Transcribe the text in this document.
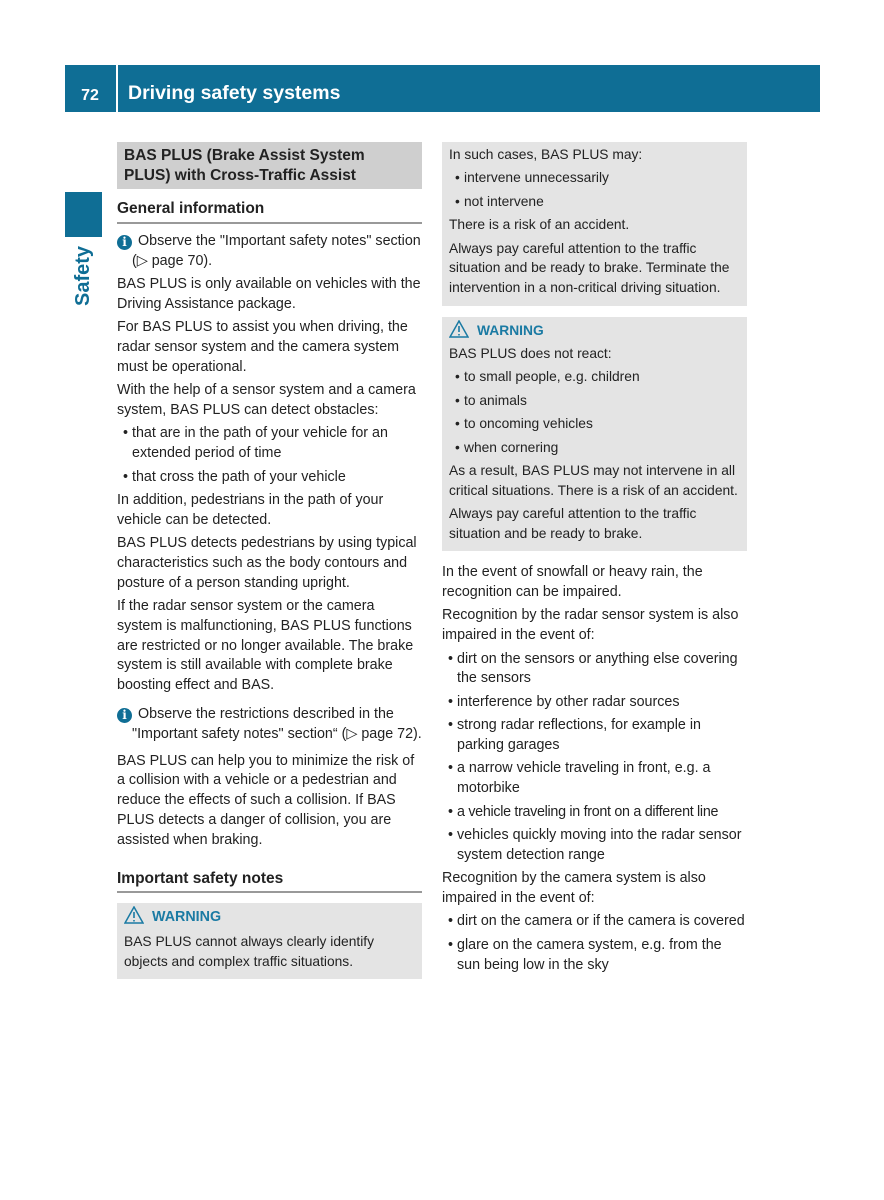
72	Driving safety systems
Safety
BAS PLUS (Brake Assist System PLUS) with Cross-Traffic Assist
General information

i Observe the "Important safety notes" section (▷ page 70).

BAS PLUS is only available on vehicles with the Driving Assistance package.

For BAS PLUS to assist you when driving, the radar sensor system and the camera system must be operational.

With the help of a sensor system and a camera system, BAS PLUS can detect obstacles:

• that are in the path of your vehicle for an extended period of time

• that cross the path of your vehicle

In addition, pedestrians in the path of your vehicle can be detected.

BAS PLUS detects pedestrians by using typical characteristics such as the body contours and posture of a person standing upright.

If the radar sensor system or the camera system is malfunctioning, BAS PLUS functions are restricted or no longer available. The brake system is still available with complete brake boosting effect and BAS.

i Observe the restrictions described in the "Important safety notes" section“ (▷ page 72).

BAS PLUS can help you to minimize the risk of a collision with a vehicle or a pedestrian and reduce the effects of such a collision. If BAS PLUS detects a danger of collision, you are assisted when braking.

Important safety notes

WARNING

BAS PLUS cannot always clearly identify objects and complex traffic situations.

In such cases, BAS PLUS may:

• intervene unnecessarily

• not intervene

There is a risk of an accident.

Always pay careful attention to the traffic situation and be ready to brake. Terminate the intervention in a non-critical driving situation.

WARNING

BAS PLUS does not react:

• to small people, e.g. children

• to animals

• to oncoming vehicles

• when cornering

As a result, BAS PLUS may not intervene in all critical situations. There is a risk of an accident.

Always pay careful attention to the traffic situation and be ready to brake.

In the event of snowfall or heavy rain, the recognition can be impaired.

Recognition by the radar sensor system is also impaired in the event of:

• dirt on the sensors or anything else covering the sensors

• interference by other radar sources

• strong radar reflections, for example in parking garages

• a narrow vehicle traveling in front, e.g. a motorbike

• a vehicle traveling in front on a different line

• vehicles quickly moving into the radar sensor system detection range

Recognition by the camera system is also impaired in the event of:

• dirt on the camera or if the camera is covered

• glare on the camera system, e.g. from the sun being low in the sky
